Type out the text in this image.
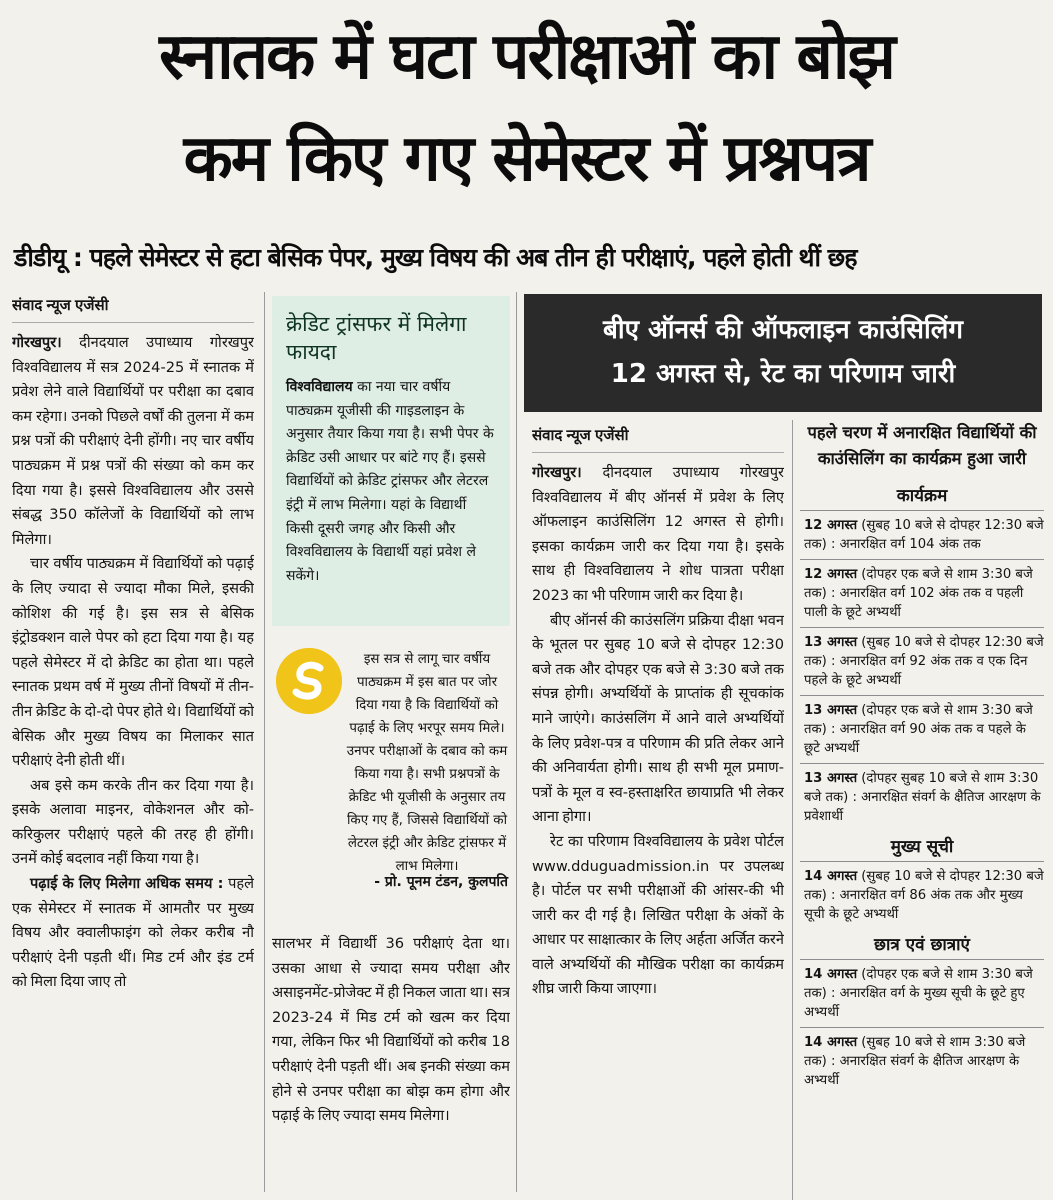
स्नातक में घटा परीक्षाओं का बोझ
कम किए गए सेमेस्टर में प्रश्नपत्र
डीडीयू : पहले सेमेस्टर से हटा बेसिक पेपर, मुख्य विषय की अब तीन ही परीक्षाएं, पहले होती थीं छह
संवाद न्यूज एजेंसी

गोरखपुर। दीनदयाल उपाध्याय गोरखपुर विश्वविद्यालय में सत्र 2024-25 में स्नातक में प्रवेश लेने वाले विद्यार्थियों पर परीक्षा का दबाव कम रहेगा। उनको पिछले वर्षों की तुलना में कम प्रश्न पत्रों की परीक्षाएं देनी होंगी। नए चार वर्षीय पाठ्यक्रम में प्रश्न पत्रों की संख्या को कम कर दिया गया है। इससे विश्वविद्यालय और उससे संबद्ध 350 कॉलेजों के विद्यार्थियों को लाभ मिलेगा।

चार वर्षीय पाठ्यक्रम में विद्यार्थियों को पढ़ाई के लिए ज्यादा से ज्यादा मौका मिले, इसकी कोशिश की गई है। इस सत्र से बेसिक इंट्रोडक्शन वाले पेपर को हटा दिया गया है। यह पहले सेमेस्टर में दो क्रेडिट का होता था। पहले स्नातक प्रथम वर्ष में मुख्य तीनों विषयों में तीन-तीन क्रेडिट के दो-दो पेपर होते थे। विद्यार्थियों को बेसिक और मुख्य विषय का मिलाकर सात परीक्षाएं देनी होती थीं।

अब इसे कम करके तीन कर दिया गया है। इसके अलावा माइनर, वोकेशनल और को-करिकुलर परीक्षाएं पहले की तरह ही होंगी। उनमें कोई बदलाव नहीं किया गया है।

पढ़ाई के लिए मिलेगा अधिक समय : पहले एक सेमेस्टर में स्नातक में आमतौर पर मुख्य विषय और क्वालीफाइंग को लेकर करीब नौ परीक्षाएं देनी पड़ती थीं। मिड टर्म और इंड टर्म को मिला दिया जाए तो

क्रेडिट ट्रांसफर में मिलेगा फायदा
विश्वविद्यालय का नया चार वर्षीय पाठ्यक्रम यूजीसी की गाइडलाइन के अनुसार तैयार किया गया है। सभी पेपर के क्रेडिट उसी आधार पर बांटे गए हैं। इससे विद्यार्थियों को क्रेडिट ट्रांसफर और लेटरल इंट्री में लाभ मिलेगा। यहां के विद्यार्थी किसी दूसरी जगह और किसी और विश्वविद्यालय के विद्यार्थी यहां प्रवेश ले सकेंगे।
इस सत्र से लागू चार वर्षीय पाठ्यक्रम में इस बात पर जोर दिया गया है कि विद्यार्थियों को पढ़ाई के लिए भरपूर समय मिले। उनपर परीक्षाओं के दबाव को कम किया गया है। सभी प्रश्नपत्रों के क्रेडिट भी यूजीसी के अनुसार तय किए गए हैं, जिससे विद्यार्थियों को लेटरल इंट्री और क्रेडिट ट्रांसफर में लाभ मिलेगा।
- प्रो. पूनम टंडन, कुलपति

सालभर में विद्यार्थी 36 परीक्षाएं देता था। उसका आधा से ज्यादा समय परीक्षा और असाइनमेंट-प्रोजेक्ट में ही निकल जाता था। सत्र 2023-24 में मिड टर्म को खत्म कर दिया गया, लेकिन फिर भी विद्यार्थियों को करीब 18 परीक्षाएं देनी पड़ती थीं। अब इनकी संख्या कम होने से उनपर परीक्षा का बोझ कम होगा और पढ़ाई के लिए ज्यादा समय मिलेगा।

बीए ऑनर्स की ऑफलाइन काउंसिलिंग
12 अगस्त से, रेट का परिणाम जारी
संवाद न्यूज एजेंसी

गोरखपुर। दीनदयाल उपाध्याय गोरखपुर विश्वविद्यालय में बीए ऑनर्स में प्रवेश के लिए ऑफलाइन काउंसिलिंग 12 अगस्त से होगी। इसका कार्यक्रम जारी कर दिया गया है। इसके साथ ही विश्वविद्यालय ने शोध पात्रता परीक्षा 2023 का भी परिणाम जारी कर दिया है।

बीए ऑनर्स की काउंसलिंग प्रक्रिया दीक्षा भवन के भूतल पर सुबह 10 बजे से दोपहर 12:30 बजे तक और दोपहर एक बजे से 3:30 बजे तक संपन्न होगी। अभ्यर्थियों के प्राप्तांक ही सूचकांक माने जाएंगे। काउंसलिंग में आने वाले अभ्यर्थियों के लिए प्रवेश-पत्र व परिणाम की प्रति लेकर आने की अनिवार्यता होगी। साथ ही सभी मूल प्रमाण-पत्रों के मूल व स्व-हस्ताक्षरित छायाप्रति भी लेकर आना होगा।

रेट का परिणाम विश्वविद्यालय के प्रवेश पोर्टल www.dduguadmission.in पर उपलब्ध है। पोर्टल पर सभी परीक्षाओं की आंसर-की भी जारी कर दी गई है। लिखित परीक्षा के अंकों के आधार पर साक्षात्कार के लिए अर्हता अर्जित करने वाले अभ्यर्थियों की मौखिक परीक्षा का कार्यक्रम शीघ्र जारी किया जाएगा।

पहले चरण में अनारक्षित विद्यार्थियों की काउंसिलिंग का कार्यक्रम हुआ जारी
कार्यक्रम
12 अगस्त (सुबह 10 बजे से दोपहर 12:30 बजे तक) : अनारक्षित वर्ग 104 अंक तक
12 अगस्त (दोपहर एक बजे से शाम 3:30 बजे तक) : अनारक्षित वर्ग 102 अंक तक व पहली पाली के छूटे अभ्यर्थी
13 अगस्त (सुबह 10 बजे से दोपहर 12:30 बजे तक) : अनारक्षित वर्ग 92 अंक तक व एक दिन पहले के छूटे अभ्यर्थी
13 अगस्त (दोपहर एक बजे से शाम 3:30 बजे तक) : अनारक्षित वर्ग 90 अंक तक व पहले के छूटे अभ्यर्थी
13 अगस्त (दोपहर सुबह 10 बजे से शाम 3:30 बजे तक) : अनारक्षित संवर्ग के क्षैतिज आरक्षण के प्रवेशार्थी
मुख्य सूची
14 अगस्त (सुबह 10 बजे से दोपहर 12:30 बजे तक) : अनारक्षित वर्ग 86 अंक तक और मुख्य सूची के छूटे अभ्यर्थी
छात्र एवं छात्राएं
14 अगस्त (दोपहर एक बजे से शाम 3:30 बजे तक) : अनारक्षित वर्ग के मुख्य सूची के छूटे हुए अभ्यर्थी
14 अगस्त (सुबह 10 बजे से शाम 3:30 बजे तक) : अनारक्षित संवर्ग के क्षैतिज आरक्षण के अभ्यर्थी
